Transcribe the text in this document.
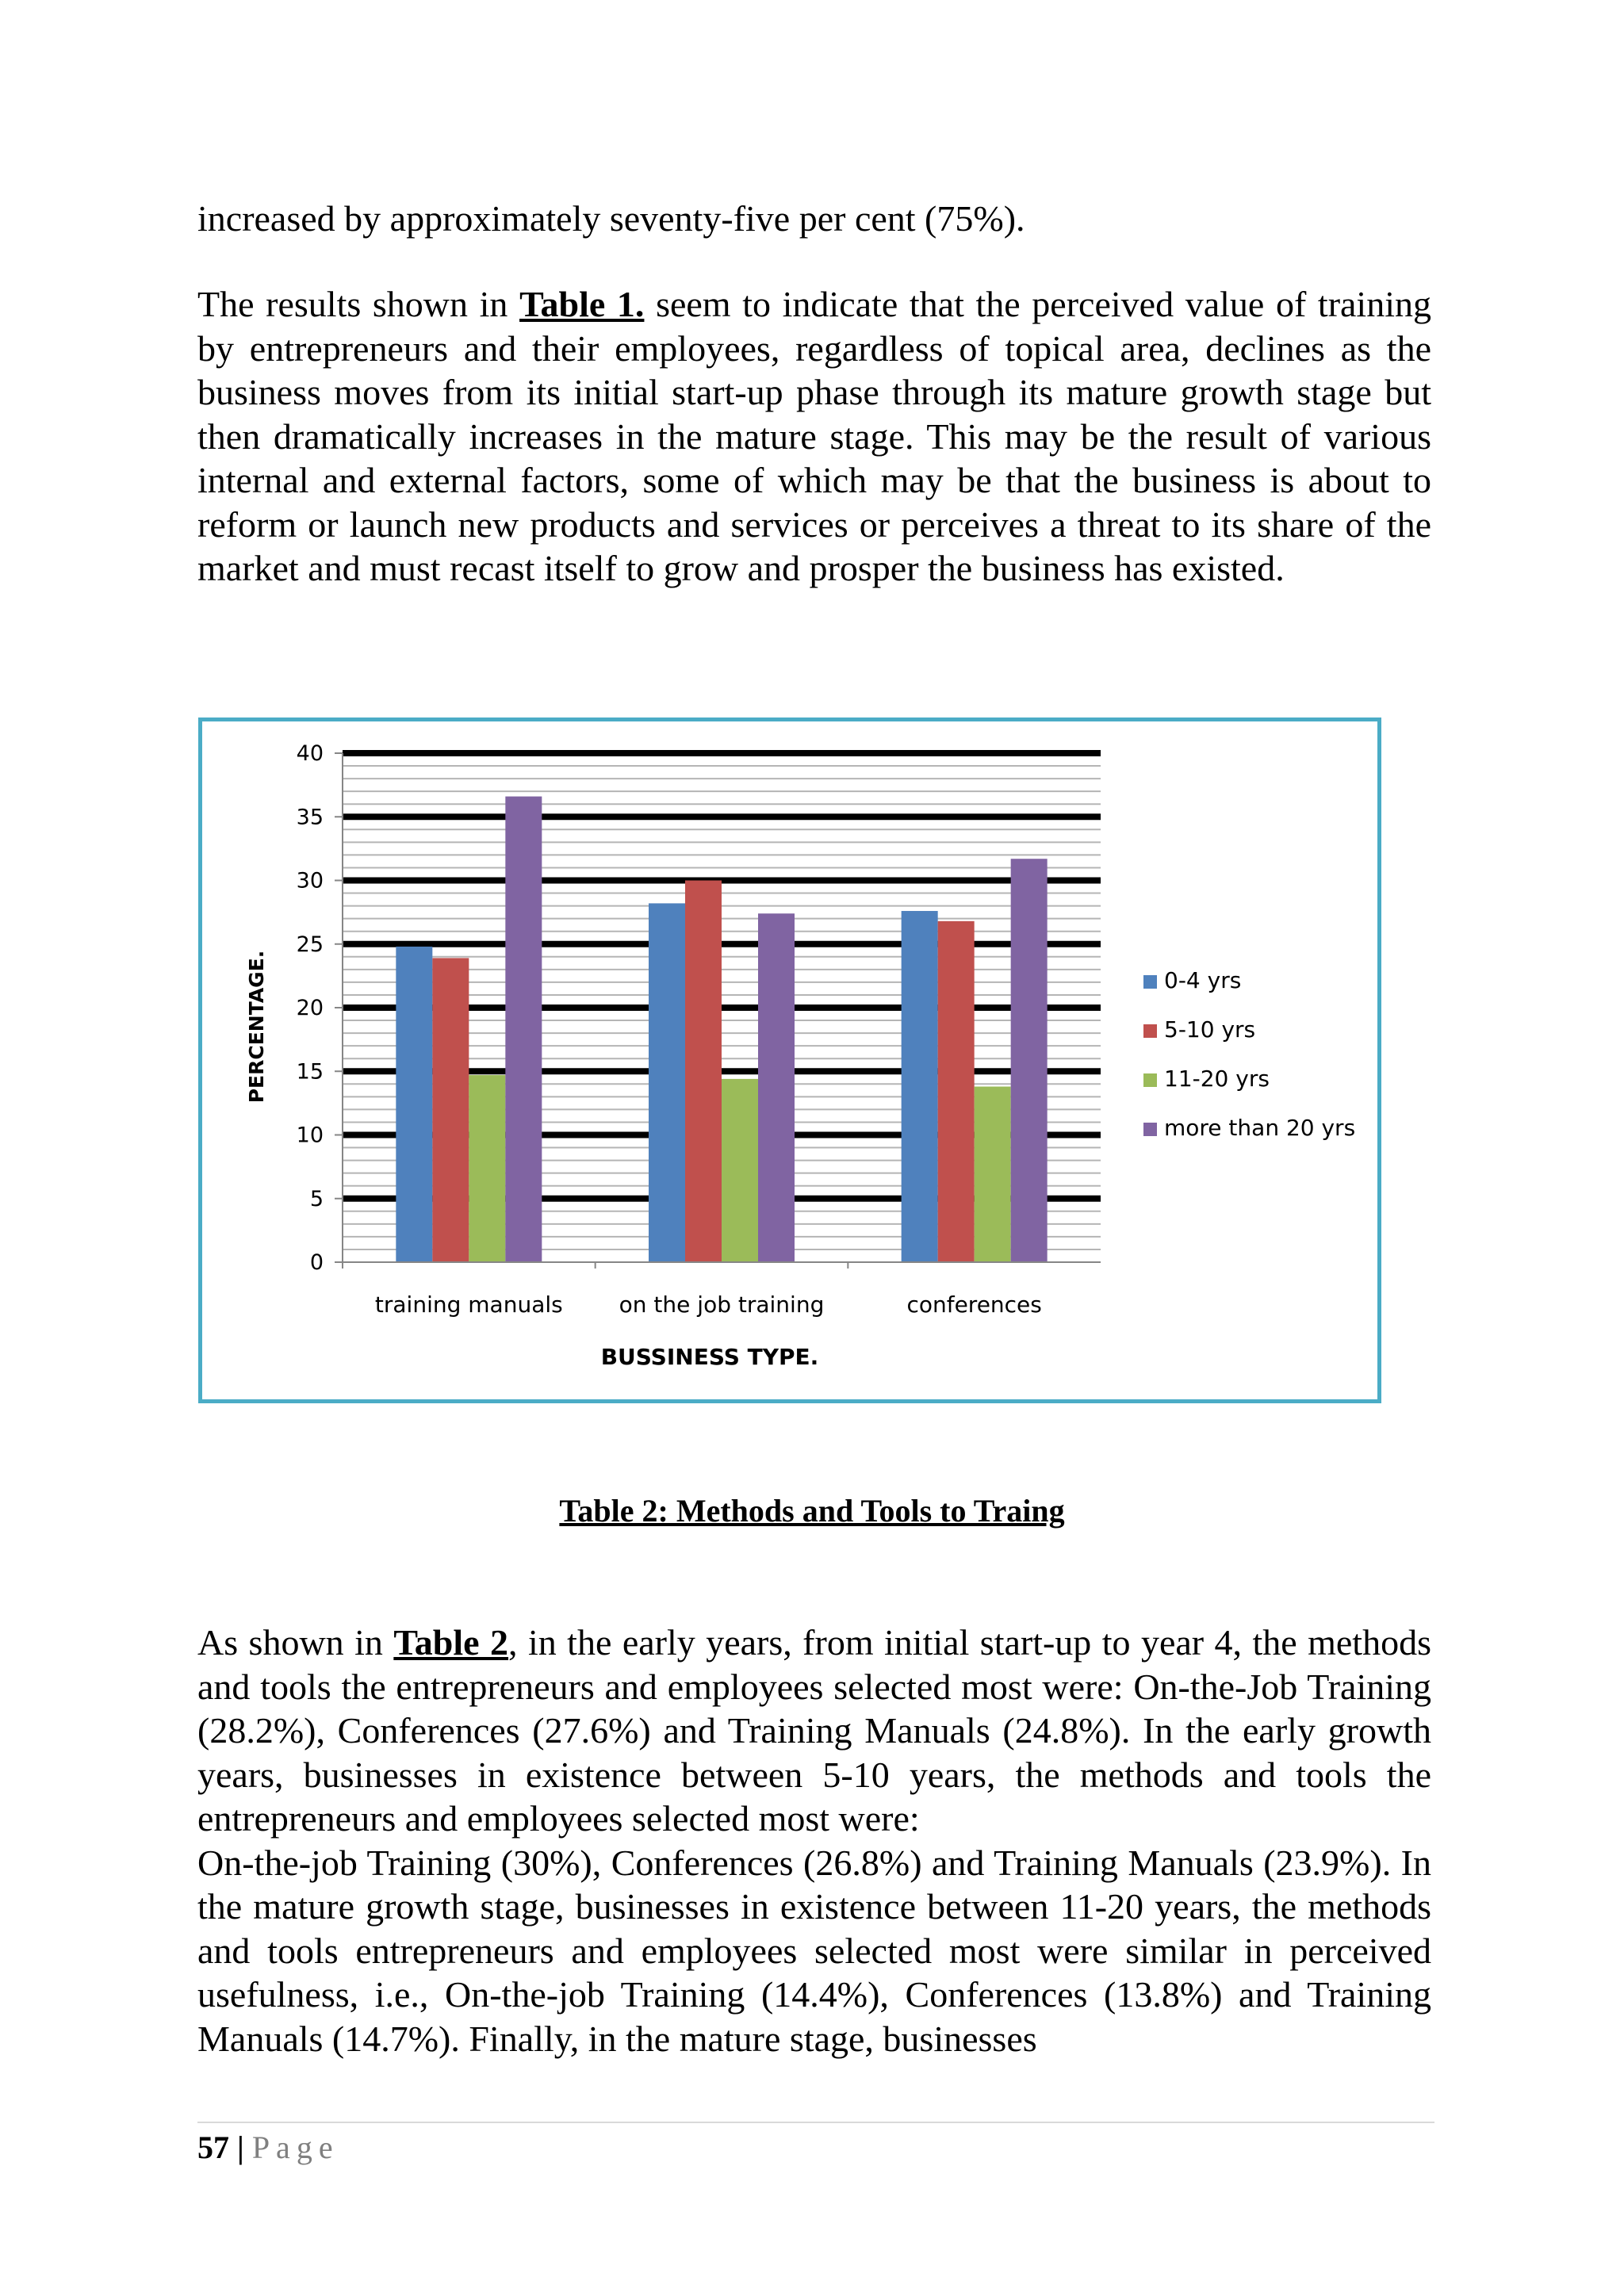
increased by approximately seventy-five per cent (75%).

The results shown in Table 1. seem to indicate that the perceived value of training by entrepreneurs and their employees, regardless of topical area, declines as the business moves from its initial start-up phase through its mature growth stage but then dramatically increases in the mature stage. This may be the result of various internal and external factors, some of which may be that the business is about to reform or launch new products and services or perceives a threat to its share of the market and must recast itself to grow and prosper the business has existed.

0
5
10
15
20
25
30
35
40
training manuals	on the job training	conferences
PERCENTAGE.
BUSSINESS TYPE.
0-4 yrs
5-10 yrs
11-20 yrs
more than 20 yrs
Table 2: Methods and Tools to Traing

As shown in Table 2, in the early years, from initial start-up to year 4, the methods and tools the entrepreneurs and employees selected most were: On-the-Job Training (28.2%), Conferences (27.6%) and Training Manuals (24.8%). In the early growth years, businesses in existence between 5-10 years, the methods and tools the entrepreneurs and employees selected most were:
On-the-job Training (30%), Conferences (26.8%) and Training Manuals (23.9%). In the mature growth stage, businesses in existence between 11-20 years, the methods and tools entrepreneurs and employees selected most were similar in perceived usefulness, i.e., On-the-job Training (14.4%), Conferences (13.8%) and Training Manuals (14.7%). Finally, in the mature stage, businesses

57 | Page
